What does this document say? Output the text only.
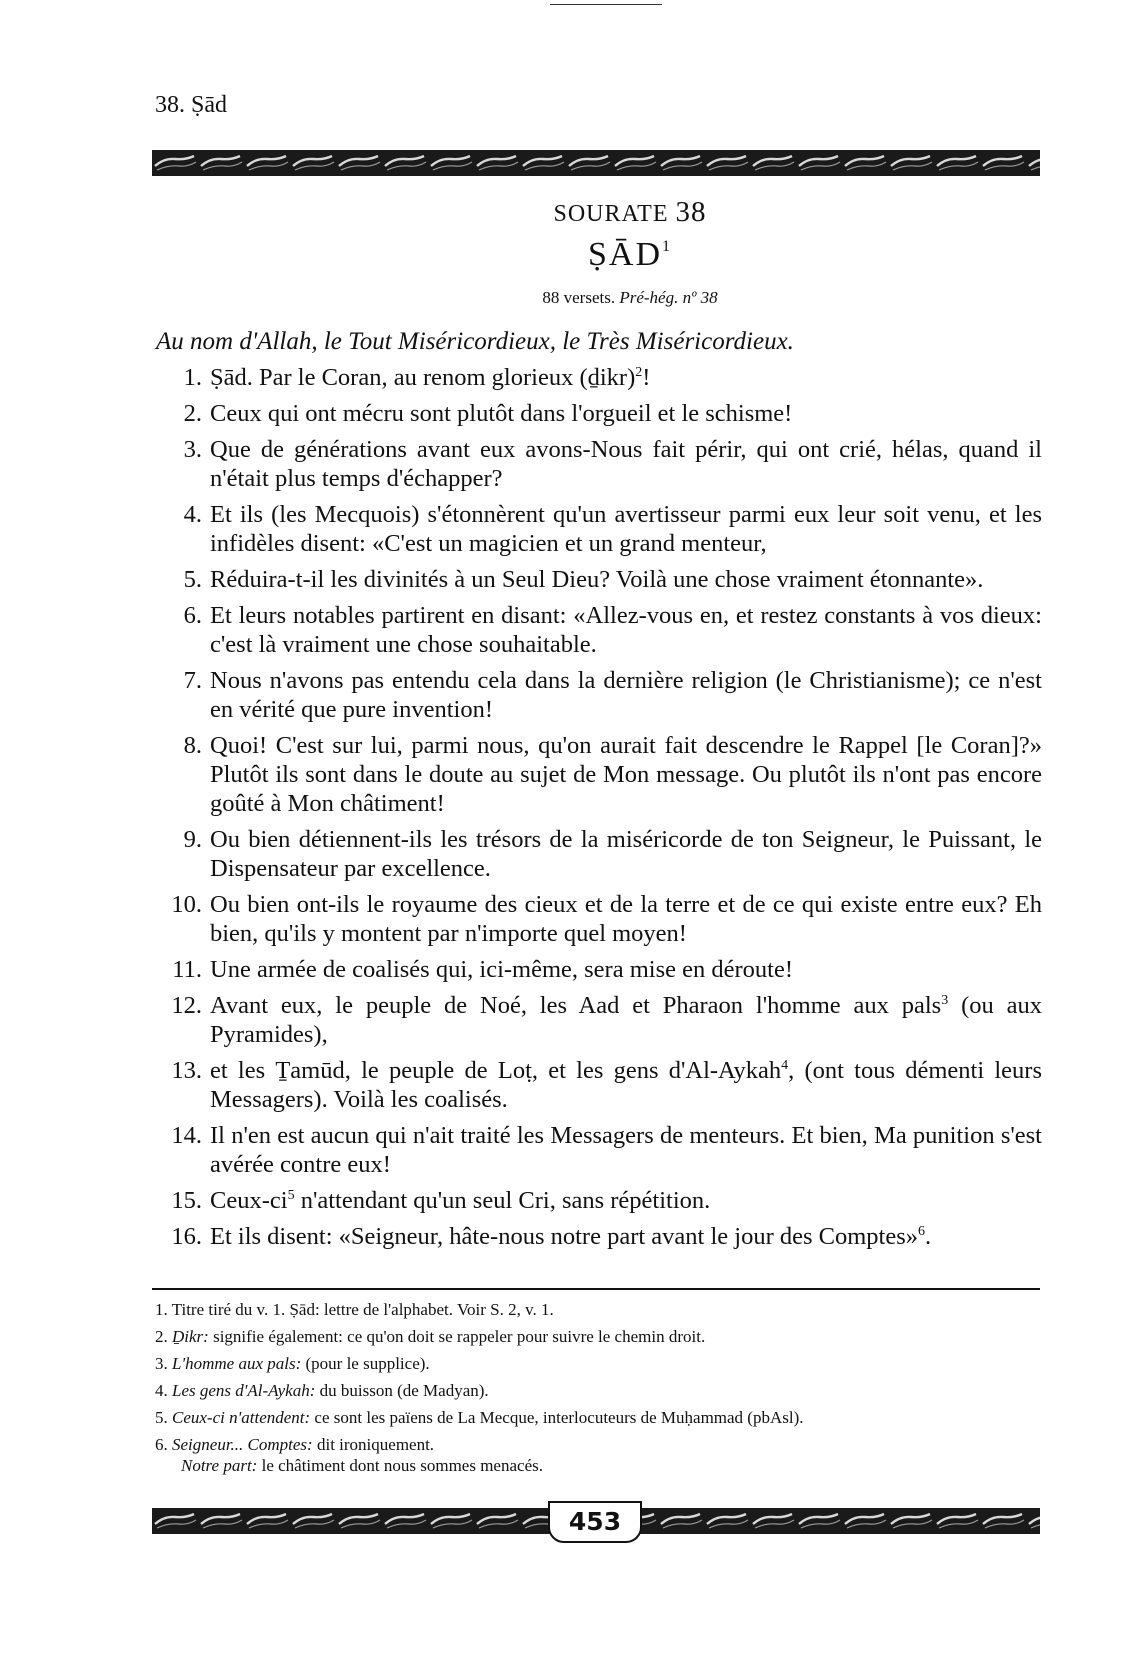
38. Ṣād
SOURATE 38
ṢĀD$^1$
88 versets. Pré-hég. nº 38
Au nom d'Allah, le Tout Miséricordieux, le Très Miséricordieux.
1. Ṣād. Par le Coran, au renom glorieux (ḏikr)$^2$!
2. Ceux qui ont mécru sont plutôt dans l'orgueil et le schisme!
3. Que de générations avant eux avons-Nous fait périr, qui ont crié, hélas, quand il n'était plus temps d'échapper?
4. Et ils (les Mecquois) s'étonnèrent qu'un avertisseur parmi eux leur soit venu, et les infidèles disent: «C'est un magicien et un grand menteur,
5. Réduira-t-il les divinités à un Seul Dieu? Voilà une chose vraiment étonnante».
6. Et leurs notables partirent en disant: «Allez-vous en, et restez constants à vos dieux: c'est là vraiment une chose souhaitable.
7. Nous n'avons pas entendu cela dans la dernière religion (le Christianisme); ce n'est en vérité que pure invention!
8. Quoi! C'est sur lui, parmi nous, qu'on aurait fait descendre le Rappel [le Coran]?» Plutôt ils sont dans le doute au sujet de Mon message. Ou plutôt ils n'ont pas encore goûté à Mon châtiment!
9. Ou bien détiennent-ils les trésors de la miséricorde de ton Seigneur, le Puissant, le Dispensateur par excellence.
10. Ou bien ont-ils le royaume des cieux et de la terre et de ce qui existe entre eux? Eh bien, qu'ils y montent par n'importe quel moyen!
11. Une armée de coalisés qui, ici-même, sera mise en déroute!
12. Avant eux, le peuple de Noé, les Aad et Pharaon l'homme aux pals$^3$ (ou aux Pyramides),
13. et les Ṯamūd, le peuple de Loṭ, et les gens d'Al-Aykah$^4$, (ont tous démenti leurs Messagers). Voilà les coalisés.
14. Il n'en est aucun qui n'ait traité les Messagers de menteurs. Et bien, Ma punition s'est avérée contre eux!
15. Ceux-$ci^5$ n'attendant qu'un seul Cri, sans répétition.
16. Et ils disent: «Seigneur, hâte-nous notre part avant le jour des Comptes»$^6$.
1. Titre tiré du v. 1. Ṣād: lettre de l'alphabet. Voir S. 2, v. 1.
2. Ḏikr: signifie également: ce qu'on doit se rappeler pour suivre le chemin droit.
3. L'homme aux pals: (pour le supplice).
4. Les gens d'Al-Aykah: du buisson (de Madyan).
5. Ceux-ci n'attendent: ce sont les païens de La Mecque, interlocuteurs de Muḥammad (pbAsl).
6. Seigneur... Comptes: dit ironiquement.
Notre part: le châtiment dont nous sommes menacés.
453
